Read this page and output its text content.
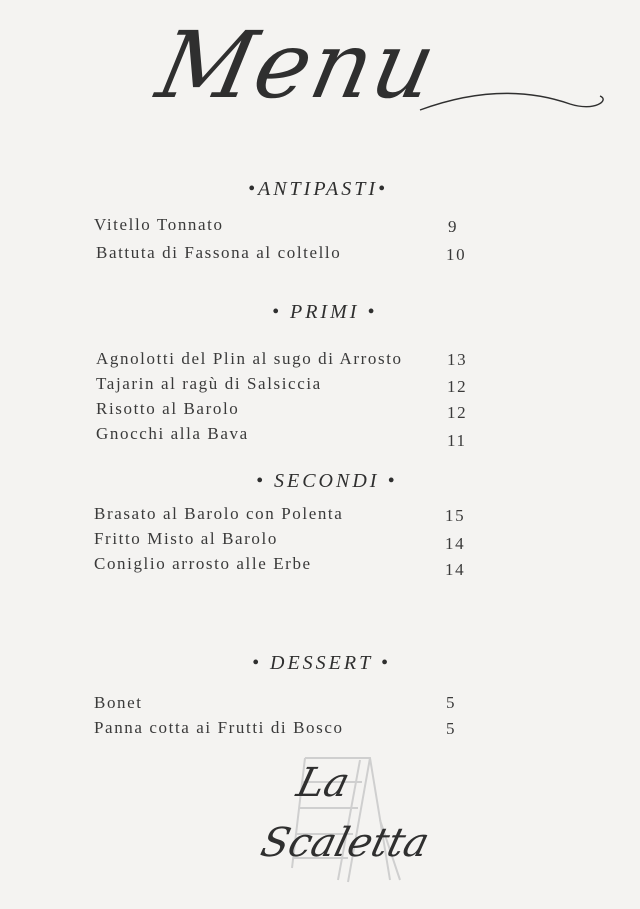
Menu
•ANTIPASTI•
Vitello Tonnato	9
Battuta di Fassona al coltello	10
• PRIMI •
Agnolotti del Plin al sugo di Arrosto	13
Tajarin al ragù di Salsiccia	12
Risotto al Barolo	12
Gnocchi alla Bava	11
• SECONDI •
Brasato al Barolo con Polenta	15
Fritto Misto al Barolo	14
Coniglio arrosto alle Erbe	14
• DESSERT •
Bonet	5
Panna cotta ai Frutti di Bosco	5
La
Scaletta
